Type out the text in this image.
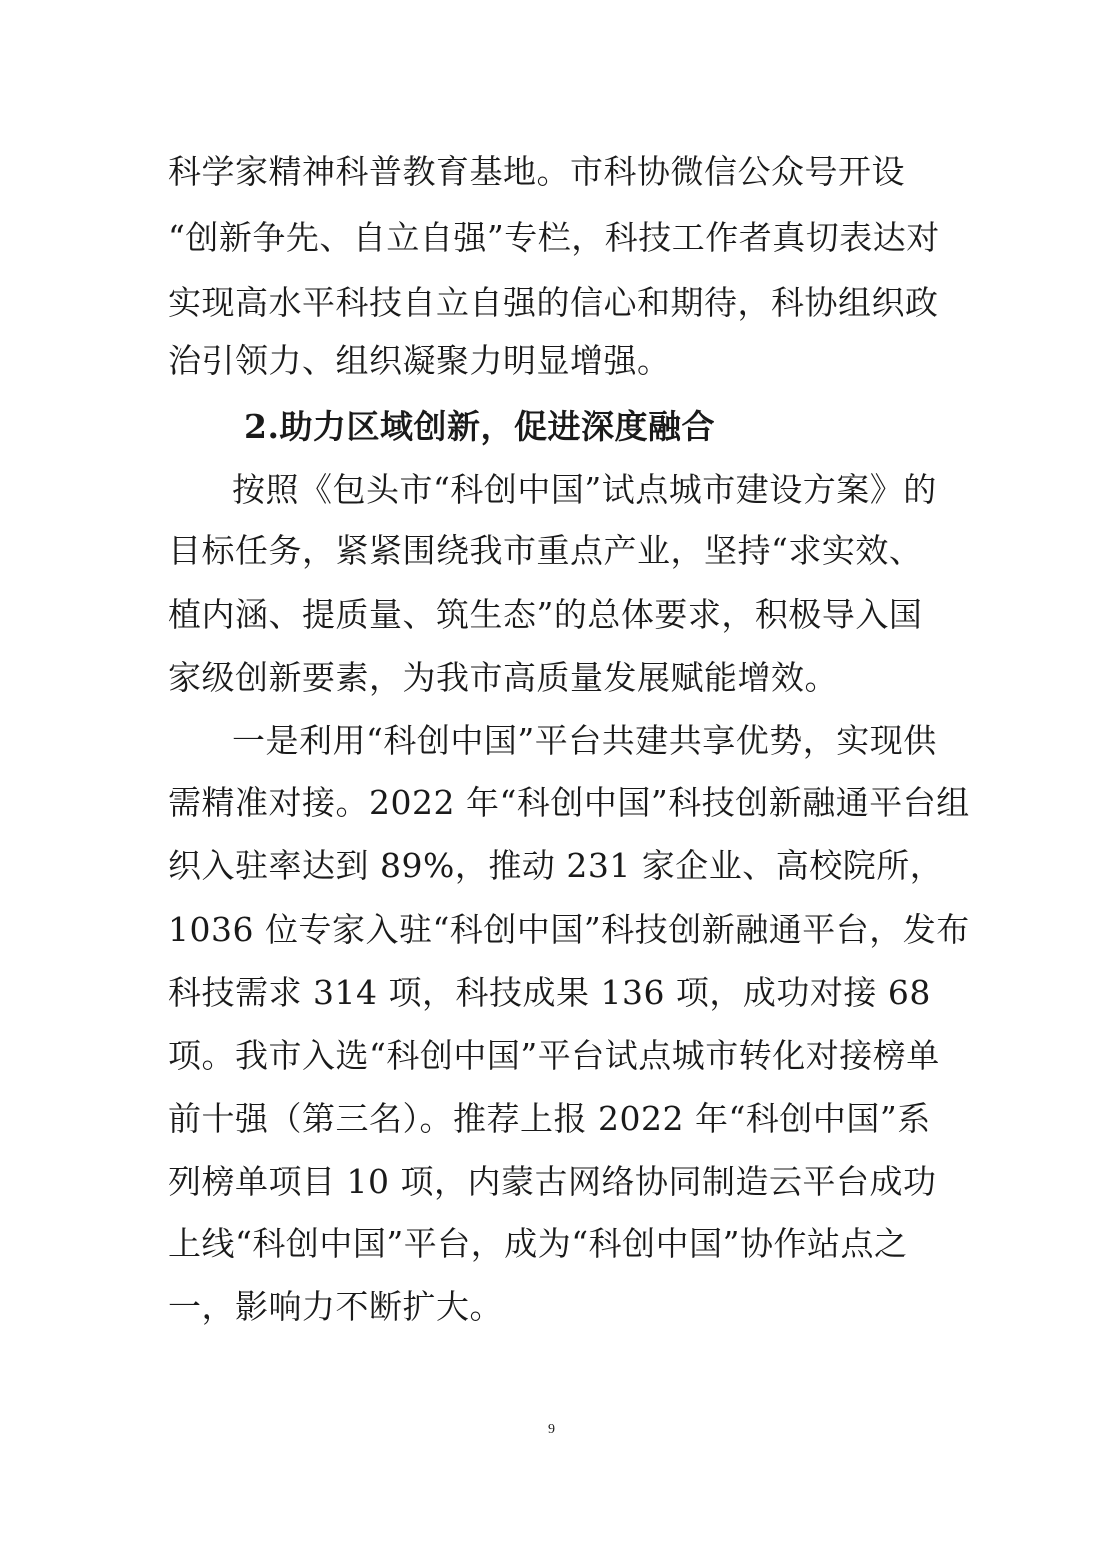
科学家精神科普教育基地。市科协微信公众号开设
“创新争先、自立自强”专栏，科技工作者真切表达对
实现高水平科技自立自强的信心和期待，科协组织政
治引领力、组织凝聚力明显增强。
2.助力区域创新，促进深度融合
按照《包头市“科创中国”试点城市建设方案》的
目标任务，紧紧围绕我市重点产业，坚持“求实效、
植内涵、提质量、筑生态”的总体要求，积极导入国
家级创新要素，为我市高质量发展赋能增效。
一是利用“科创中国”平台共建共享优势，实现供
需精准对接。2022 年“科创中国”科技创新融通平台组
织入驻率达到 89%，推动 231 家企业、高校院所，
1036 位专家入驻“科创中国”科技创新融通平台，发布
科技需求 314 项，科技成果 136 项，成功对接 68
项。我市入选“科创中国”平台试点城市转化对接榜单
前十强（第三名）。推荐上报 2022 年“科创中国”系
列榜单项目 10 项，内蒙古网络协同制造云平台成功
上线“科创中国”平台，成为“科创中国”协作站点之
一，影响力不断扩大。
9
